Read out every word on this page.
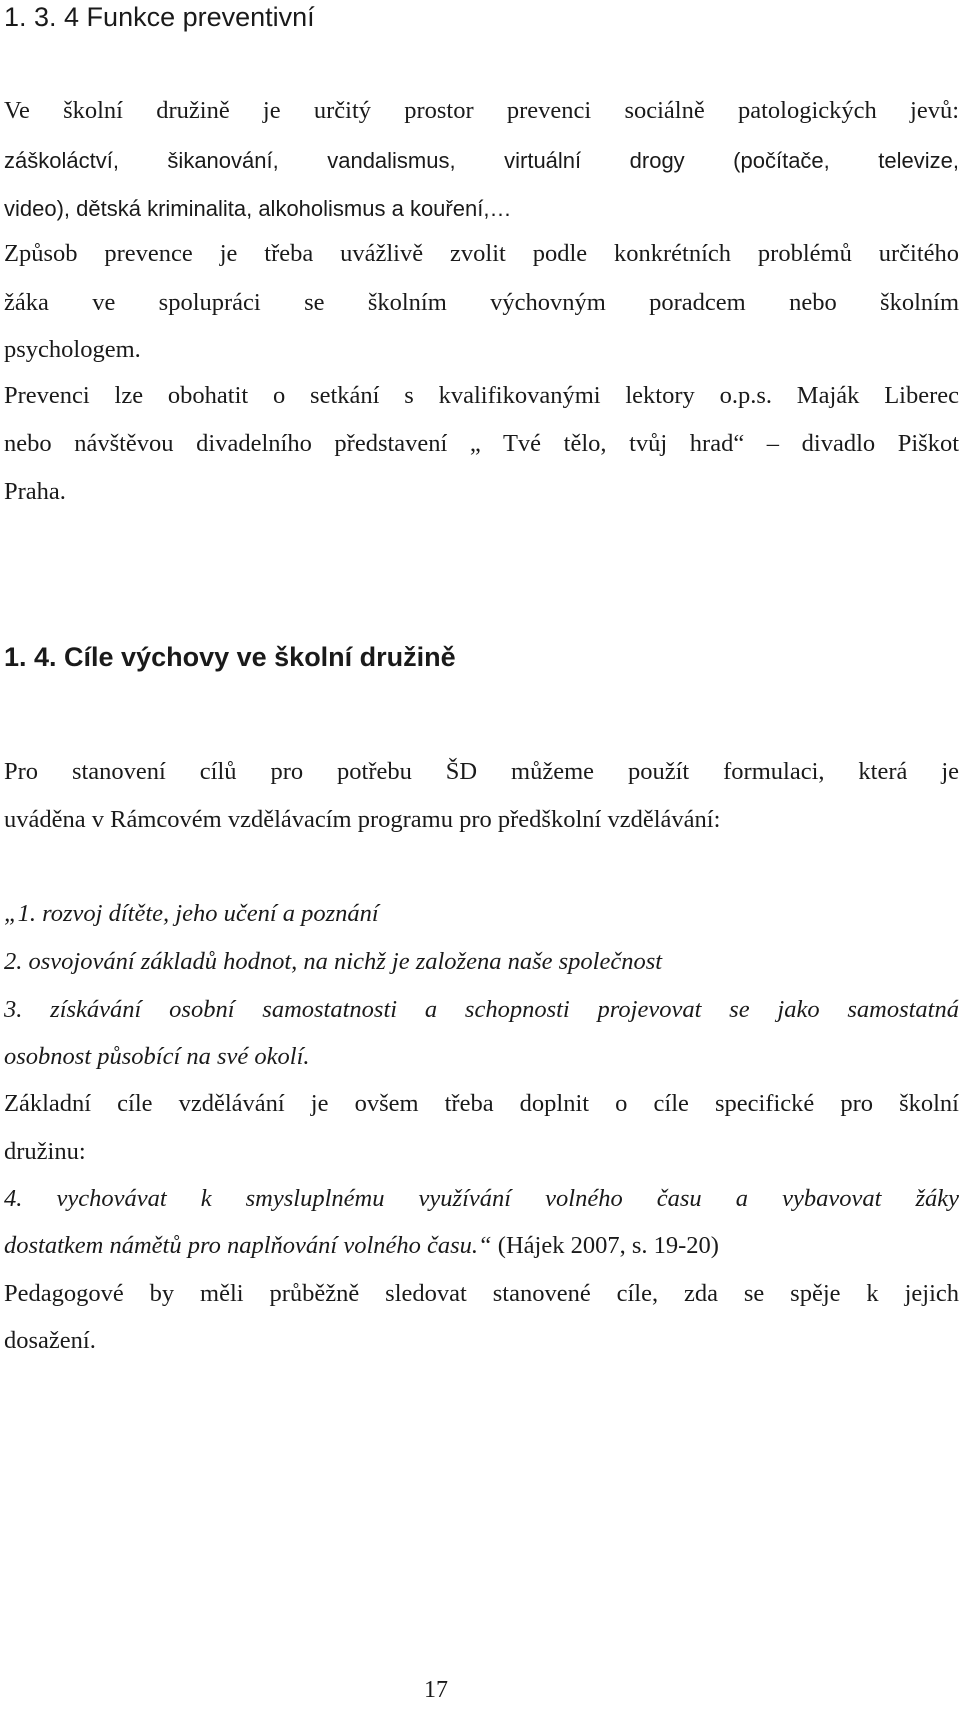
1. 3. 4 Funkce preventivní
Ve školní družině je určitý prostor prevenci sociálně patologických jevů:
záškoláctví, šikanování, vandalismus, virtuální drogy (počítače, televize,
video), dětská kriminalita, alkoholismus a kouření,…
Způsob prevence je třeba uvážlivě zvolit podle konkrétních problémů určitého
žáka ve spolupráci se školním výchovným poradcem nebo školním
psychologem.
Prevenci lze obohatit o setkání s kvalifikovanými lektory o.p.s. Maják Liberec
nebo návštěvou divadelního představení „ Tvé tělo, tvůj hrad“ – divadlo Piškot
Praha.
1. 4. Cíle výchovy ve školní družině
Pro stanovení cílů pro potřebu ŠD můžeme použít formulaci, která je
uváděna v Rámcovém vzdělávacím programu pro předškolní vzdělávání:
„1. rozvoj dítěte, jeho učení a poznání
2. osvojování základů hodnot, na nichž je založena naše společnost
3. získávání osobní samostatnosti a schopnosti projevovat se jako samostatná
osobnost působící na své okolí.
Základní cíle vzdělávání je ovšem třeba doplnit o cíle specifické pro školní
družinu:
4. vychovávat k smysluplnému využívání volného času a vybavovat žáky
dostatkem námětů pro naplňování volného času.“ (Hájek 2007, s. 19-20)
Pedagogové by měli průběžně sledovat stanovené cíle, zda se spěje k jejich
dosažení.
17
